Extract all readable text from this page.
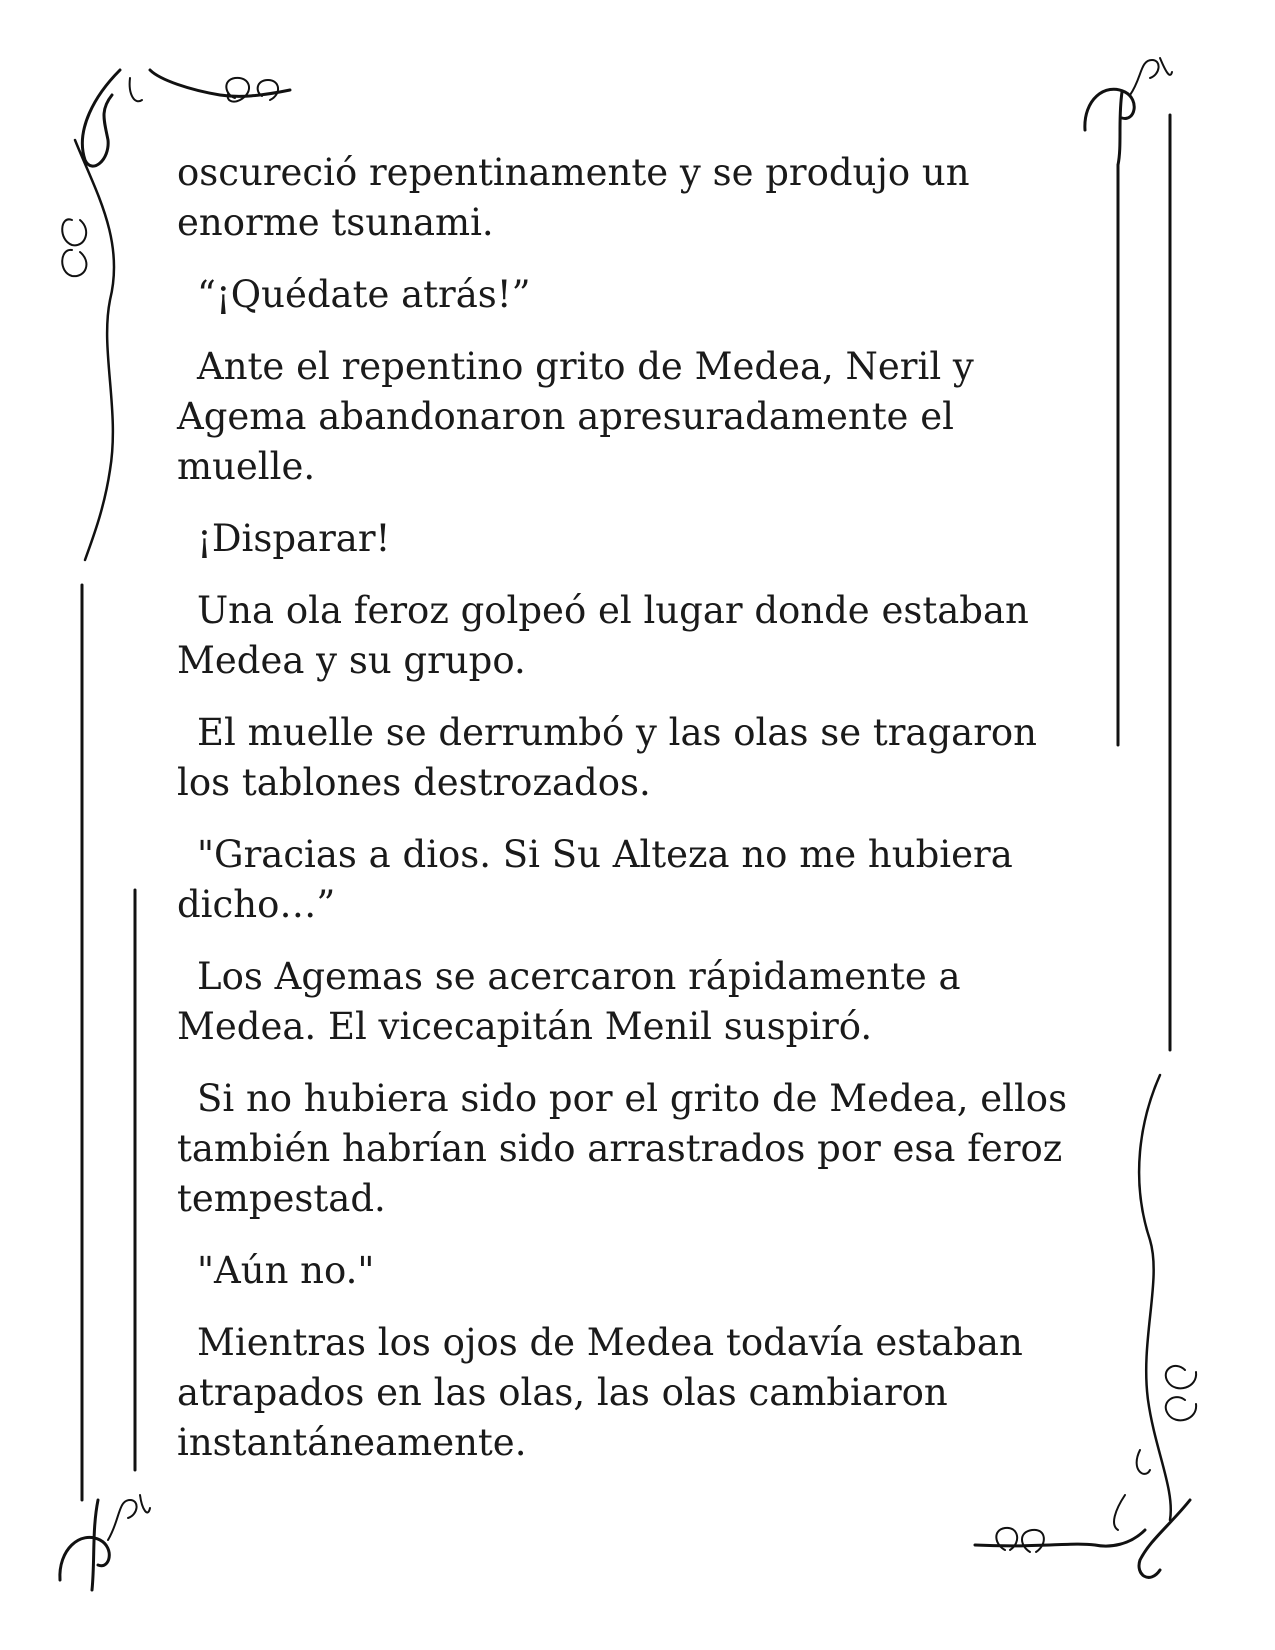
oscureció repentinamente y se produjo un enorme tsunami.

“¡Quédate atrás!”

Ante el repentino grito de Medea, Neril y Agema abandonaron apresuradamente el muelle.

¡Disparar!

Una ola feroz golpeó el lugar donde estaban Medea y su grupo.

El muelle se derrumbó y las olas se tragaron los tablones destrozados.

"Gracias a dios. Si Su Alteza no me hubiera dicho…”

Los Agemas se acercaron rápidamente a Medea. El vicecapitán Menil suspiró.

Si no hubiera sido por el grito de Medea, ellos también habrían sido arrastrados por esa feroz tempestad.

"Aún no."

Mientras los ojos de Medea todavía estaban atrapados en las olas, las olas cambiaron instantáneamente.
